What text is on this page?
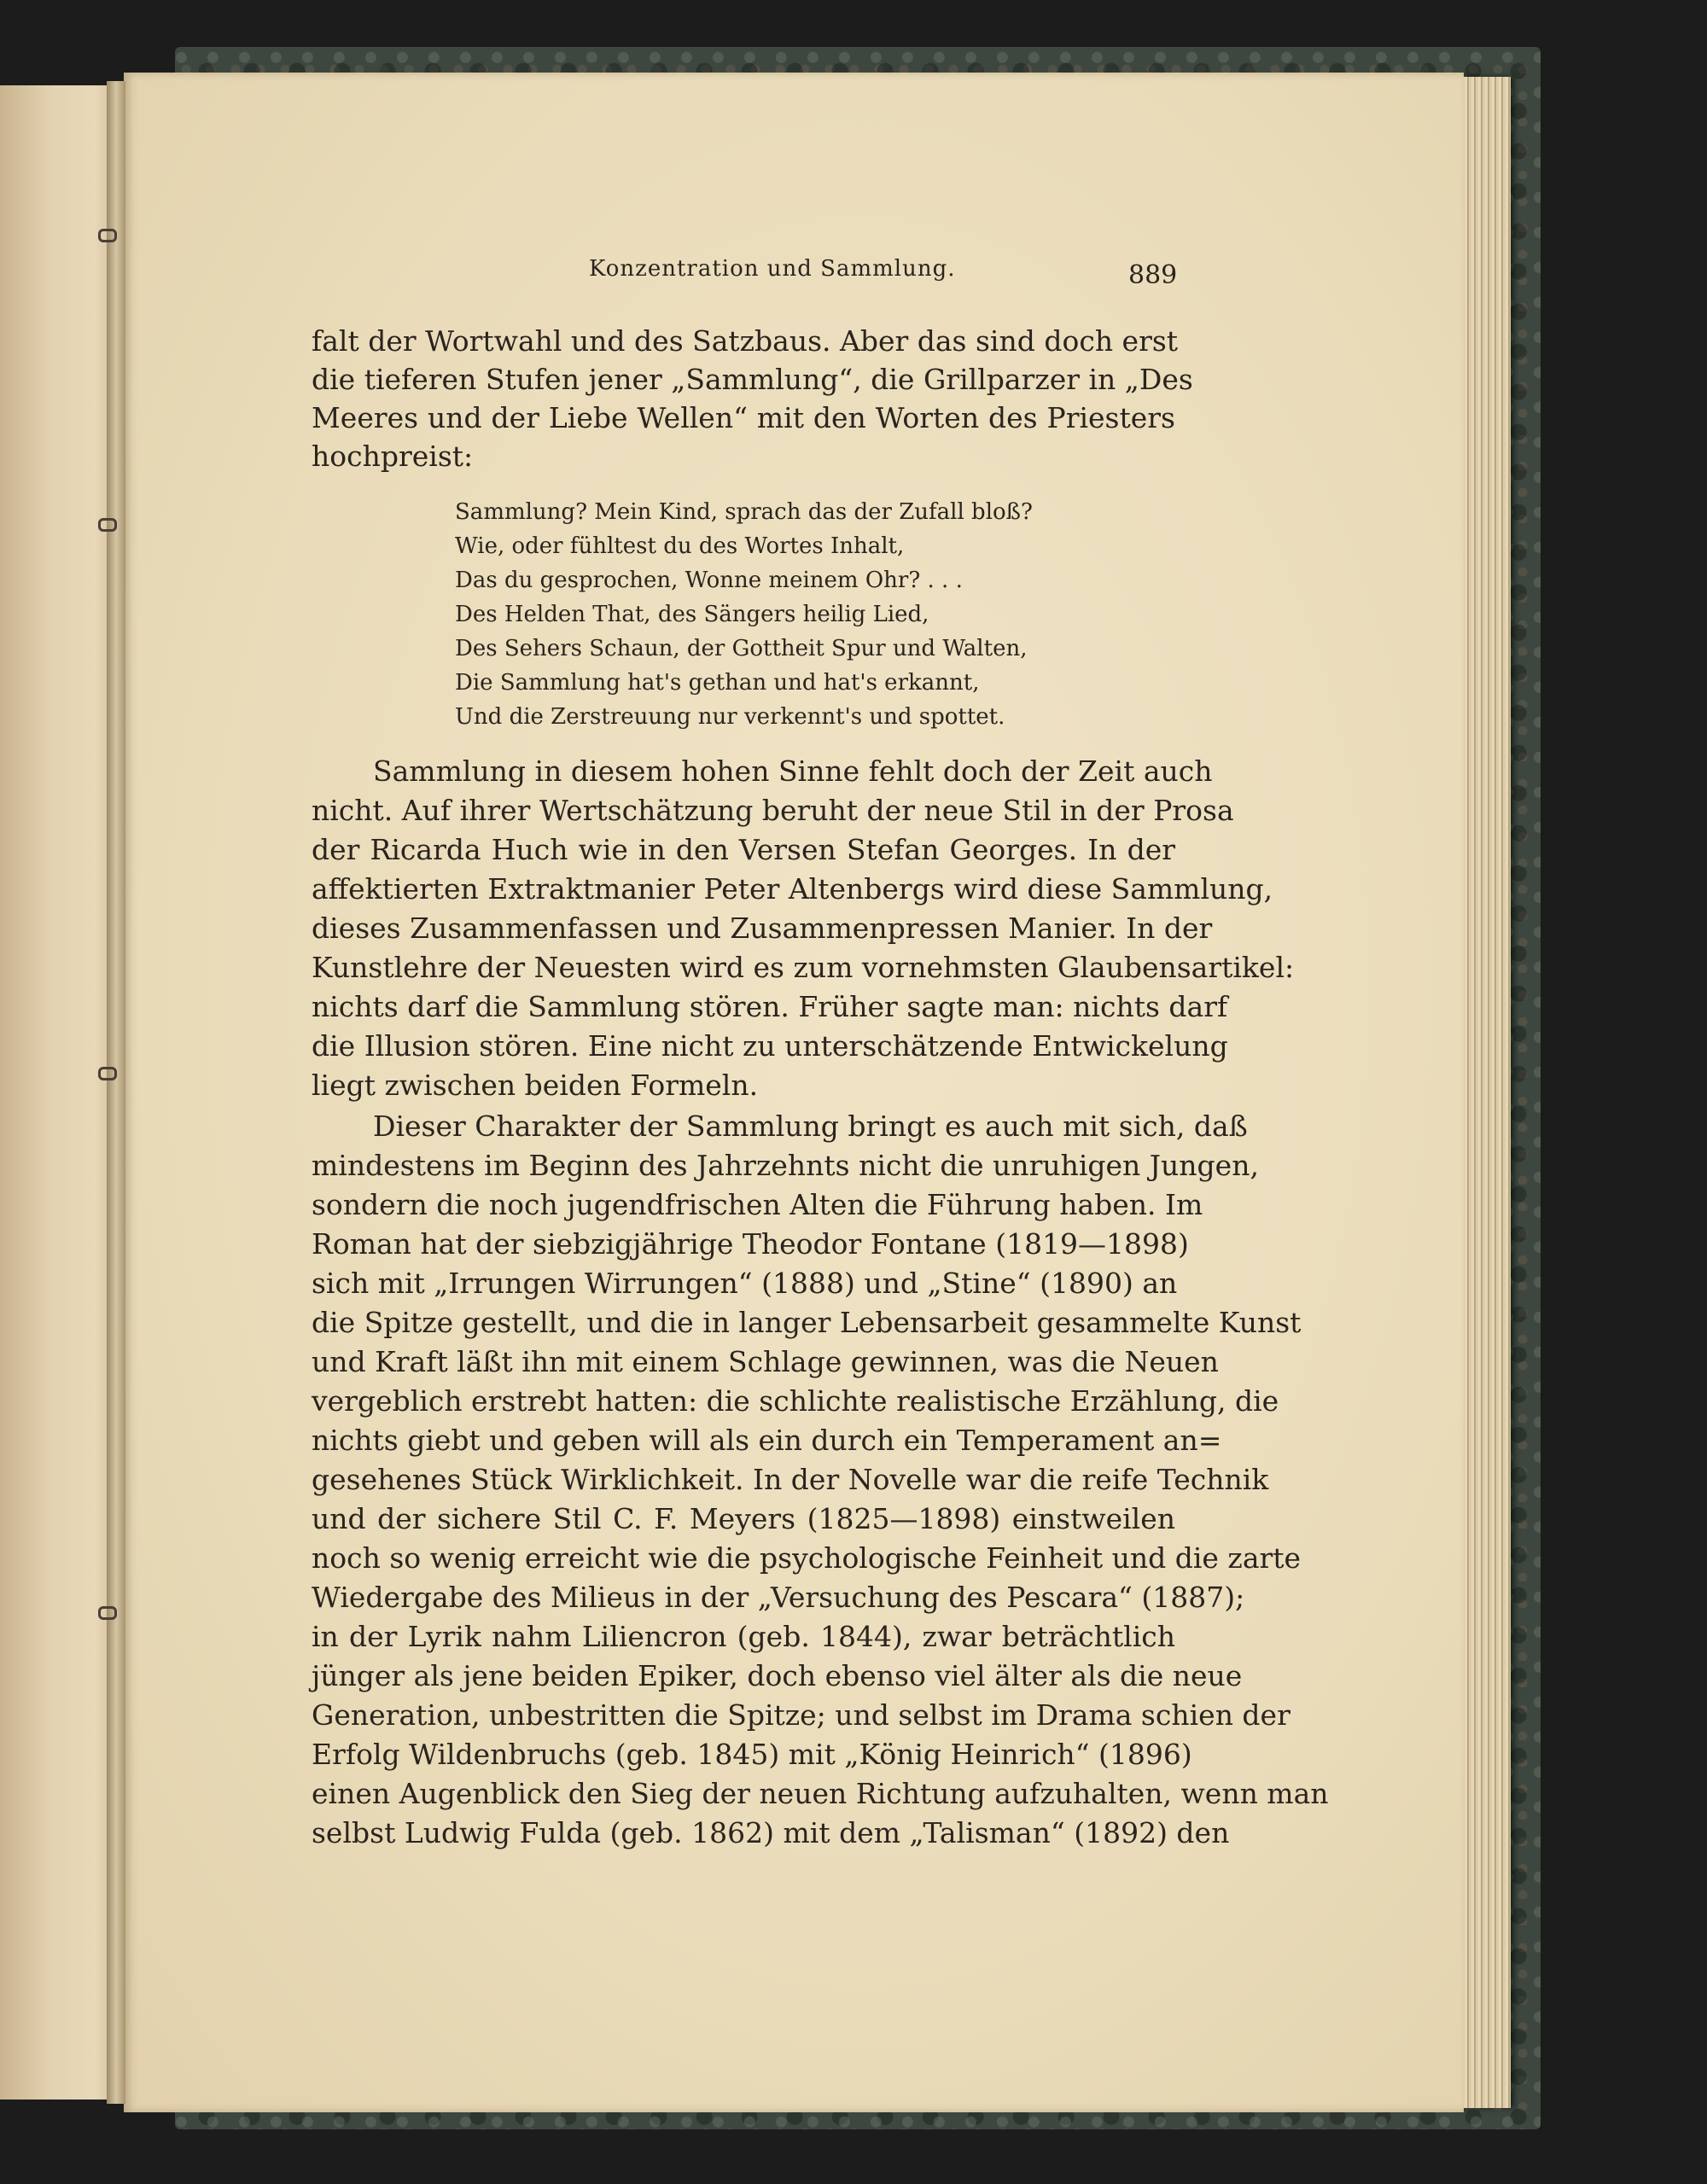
Konzentration und Sammlung.	889
falt der Wortwahl und des Satzbaus. Aber das sind doch erst
die tieferen Stufen jener „Sammlung“, die Grillparzer in „Des
Meeres und der Liebe Wellen“ mit den Worten des Priesters
hochpreist:
Sammlung? Mein Kind, sprach das der Zufall bloß?
Wie, oder fühltest du des Wortes Inhalt,
Das du gesprochen, Wonne meinem Ohr? . . .
Des Helden That, des Sängers heilig Lied,
Des Sehers Schaun, der Gottheit Spur und Walten,
Die Sammlung hat's gethan und hat's erkannt,
Und die Zerstreuung nur verkennt's und spottet.
Sammlung in diesem hohen Sinne fehlt doch der Zeit auch
nicht. Auf ihrer Wertschätzung beruht der neue Stil in der Prosa
der Ricarda Huch wie in den Versen Stefan Georges. In der
affektierten Extraktmanier Peter Altenbergs wird diese Sammlung,
dieses Zusammenfassen und Zusammenpressen Manier. In der
Kunstlehre der Neuesten wird es zum vornehmsten Glaubensartikel:
nichts darf die Sammlung stören. Früher sagte man: nichts darf
die Illusion stören. Eine nicht zu unterschätzende Entwickelung
liegt zwischen beiden Formeln.
Dieser Charakter der Sammlung bringt es auch mit sich, daß
mindestens im Beginn des Jahrzehnts nicht die unruhigen Jungen,
sondern die noch jugendfrischen Alten die Führung haben. Im
Roman hat der siebzigjährige Theodor Fontane (1819—1898)
sich mit „Irrungen Wirrungen“ (1888) und „Stine“ (1890) an
die Spitze gestellt, und die in langer Lebensarbeit gesammelte Kunst
und Kraft läßt ihn mit einem Schlage gewinnen, was die Neuen
vergeblich erstrebt hatten: die schlichte realistische Erzählung, die
nichts giebt und geben will als ein durch ein Temperament an=
gesehenes Stück Wirklichkeit. In der Novelle war die reife Technik
und der sichere Stil C. F. Meyers (1825—1898) einstweilen
noch so wenig erreicht wie die psychologische Feinheit und die zarte
Wiedergabe des Milieus in der „Versuchung des Pescara“ (1887);
in der Lyrik nahm Liliencron (geb. 1844), zwar beträchtlich
jünger als jene beiden Epiker, doch ebenso viel älter als die neue
Generation, unbestritten die Spitze; und selbst im Drama schien der
Erfolg Wildenbruchs (geb. 1845) mit „König Heinrich“ (1896)
einen Augenblick den Sieg der neuen Richtung aufzuhalten, wenn man
selbst Ludwig Fulda (geb. 1862) mit dem „Talisman“ (1892) den
